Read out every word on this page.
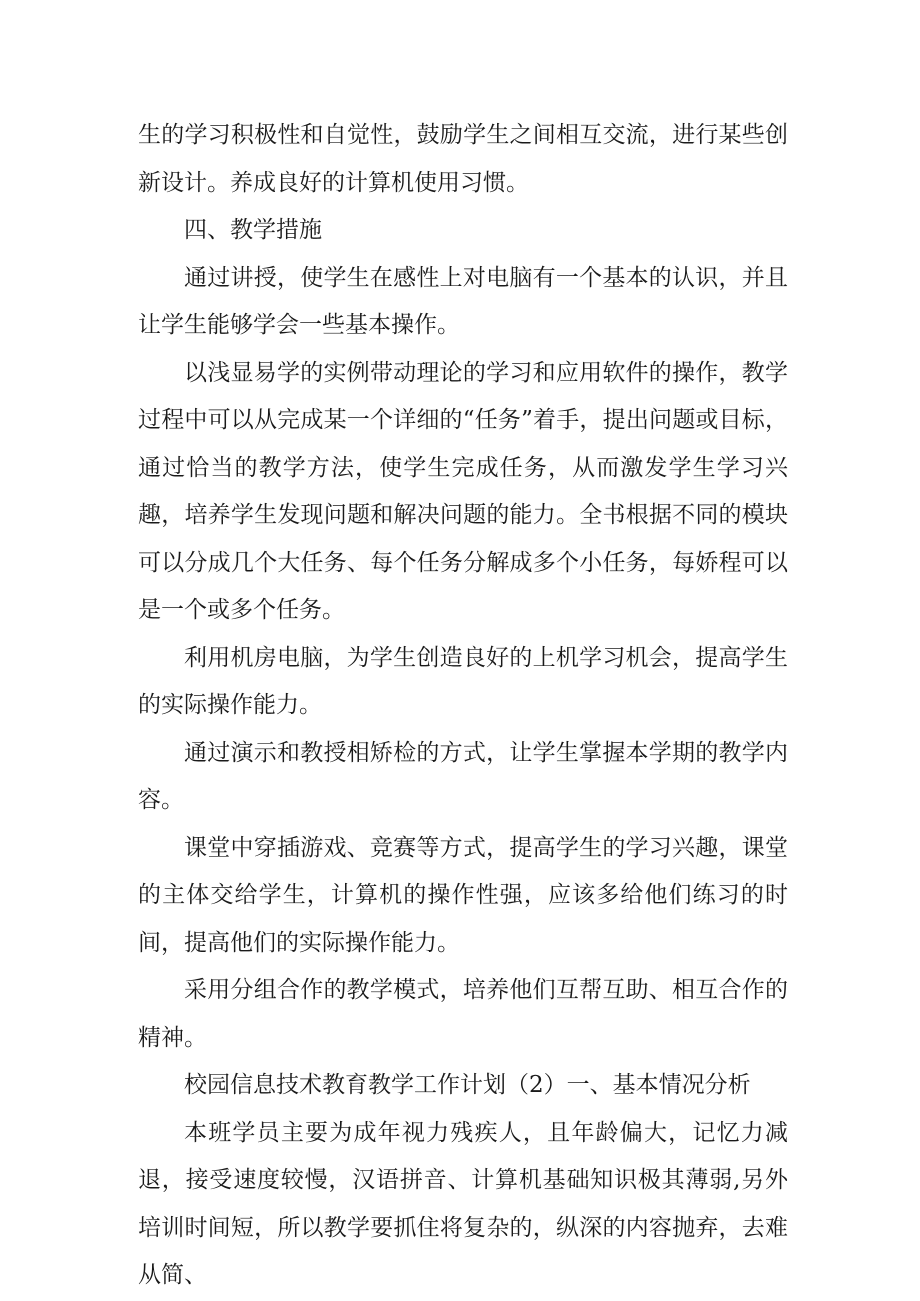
生的学习积极性和自觉性，鼓励学生之间相互交流，进行某些创新设计。养成良好的计算机使用习惯。

四、教学措施

通过讲授，使学生在感性上对电脑有一个基本的认识，并且让学生能够学会一些基本操作。

以浅显易学的实例带动理论的学习和应用软件的操作，教学过程中可以从完成某一个详细的“任务”着手，提出问题或目标，通过恰当的教学方法，使学生完成任务，从而激发学生学习兴趣，培养学生发现问题和解决问题的能力。全书根据不同的模块可以分成几个大任务、每个任务分解成多个小任务，每娇程可以是一个或多个任务。

利用机房电脑，为学生创造良好的上机学习机会，提高学生的实际操作能力。

通过演示和教授相矫检的方式，让学生掌握本学期的教学内容。

课堂中穿插游戏、竞赛等方式，提高学生的学习兴趣，课堂的主体交给学生，计算机的操作性强，应该多给他们练习的时间，提高他们的实际操作能力。

采用分组合作的教学模式，培养他们互帮互助、相互合作的精神。

校园信息技术教育教学工作计划（2）一、基本情况分析

本班学员主要为成年视力残疾人，且年龄偏大，记忆力减退，接受速度较慢，汉语拼音、计算机基础知识极其薄弱,另外培训时间短，所以教学要抓住将复杂的，纵深的内容抛弃，去难从简、
